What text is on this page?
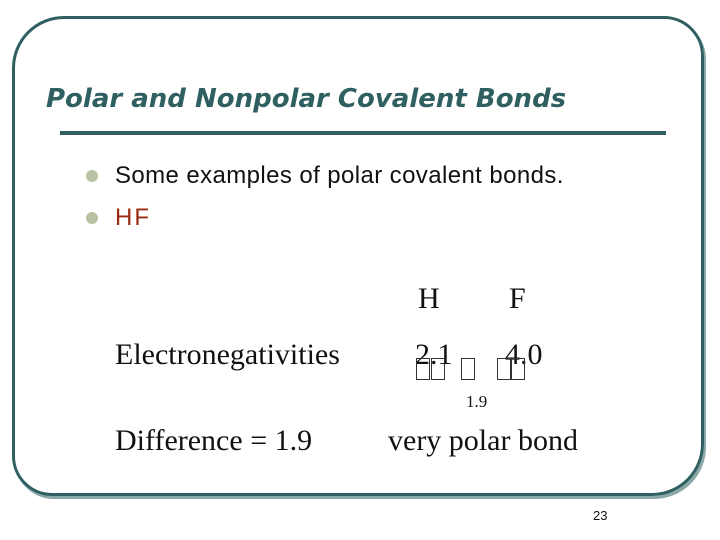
Polar and Nonpolar Covalent Bonds
Some examples of polar covalent bonds.
HF
H F
Electronegativities	2.1 4.0
1.9
Difference = 1.9	very polar bond
23
